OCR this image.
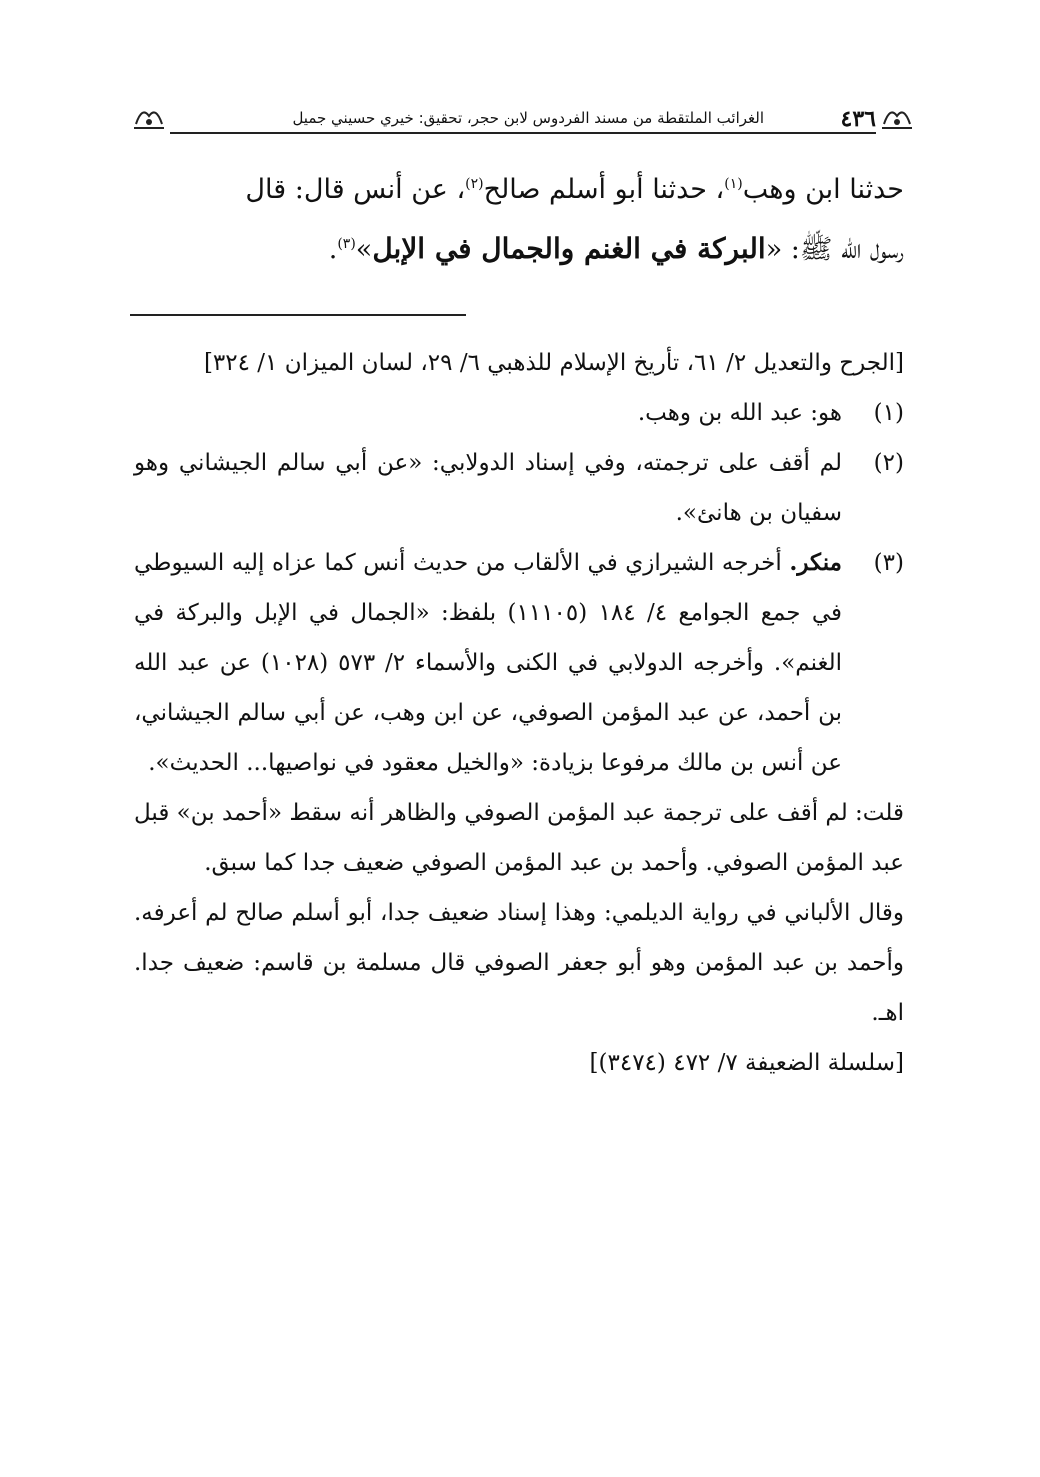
٤٣٦
الغرائب الملتقطة من مسند الفردوس لابن حجر، تحقيق: خيري حسيني جميل

حدثنا ابن وهب$^{(١)}$، حدثنا أبو أسلم صالح$^{(٢)}$، عن أنس قال: قال

رسول الله ﷺ: «البركة في الغنم والجمال في الإبل»$^{(٣)}$.

[الجرح والتعديل ٢/ ٦١، تأريخ الإسلام للذهبي ٦/ ٢٩، لسان الميزان ١/ ٣٢٤]

(١)
هو: عبد الله بن وهب.

(٢)
لم أقف على ترجمته، وفي إسناد الدولابي: «عن أبي سالم الجيشاني وهو سفيان بن هانئ».

(٣)
منكر. أخرجه الشيرازي في الألقاب من حديث أنس كما عزاه إليه السيوطي في جمع الجوامع ٤/ ١٨٤ (١١١٠٥) بلفظ: «الجمال في الإبل والبركة في الغنم». وأخرجه الدولابي في الكنى والأسماء ٢/ ٥٧٣ (١٠٢٨) عن عبد الله بن أحمد، عن عبد المؤمن الصوفي، عن ابن وهب، عن أبي سالم الجيشاني، عن أنس بن مالك مرفوعا بزيادة: «والخيل معقود في نواصيها... الحديث».

قلت: لم أقف على ترجمة عبد المؤمن الصوفي والظاهر أنه سقط «أحمد بن» قبل عبد المؤمن الصوفي. وأحمد بن عبد المؤمن الصوفي ضعيف جدا كما سبق.

وقال الألباني في رواية الديلمي: وهذا إسناد ضعيف جدا، أبو أسلم صالح لم أعرفه. وأحمد بن عبد المؤمن وهو أبو جعفر الصوفي قال مسلمة بن قاسم: ضعيف جدا. اهـ.

[سلسلة الضعيفة ٧/ ٤٧٢ (٣٤٧٤)]
